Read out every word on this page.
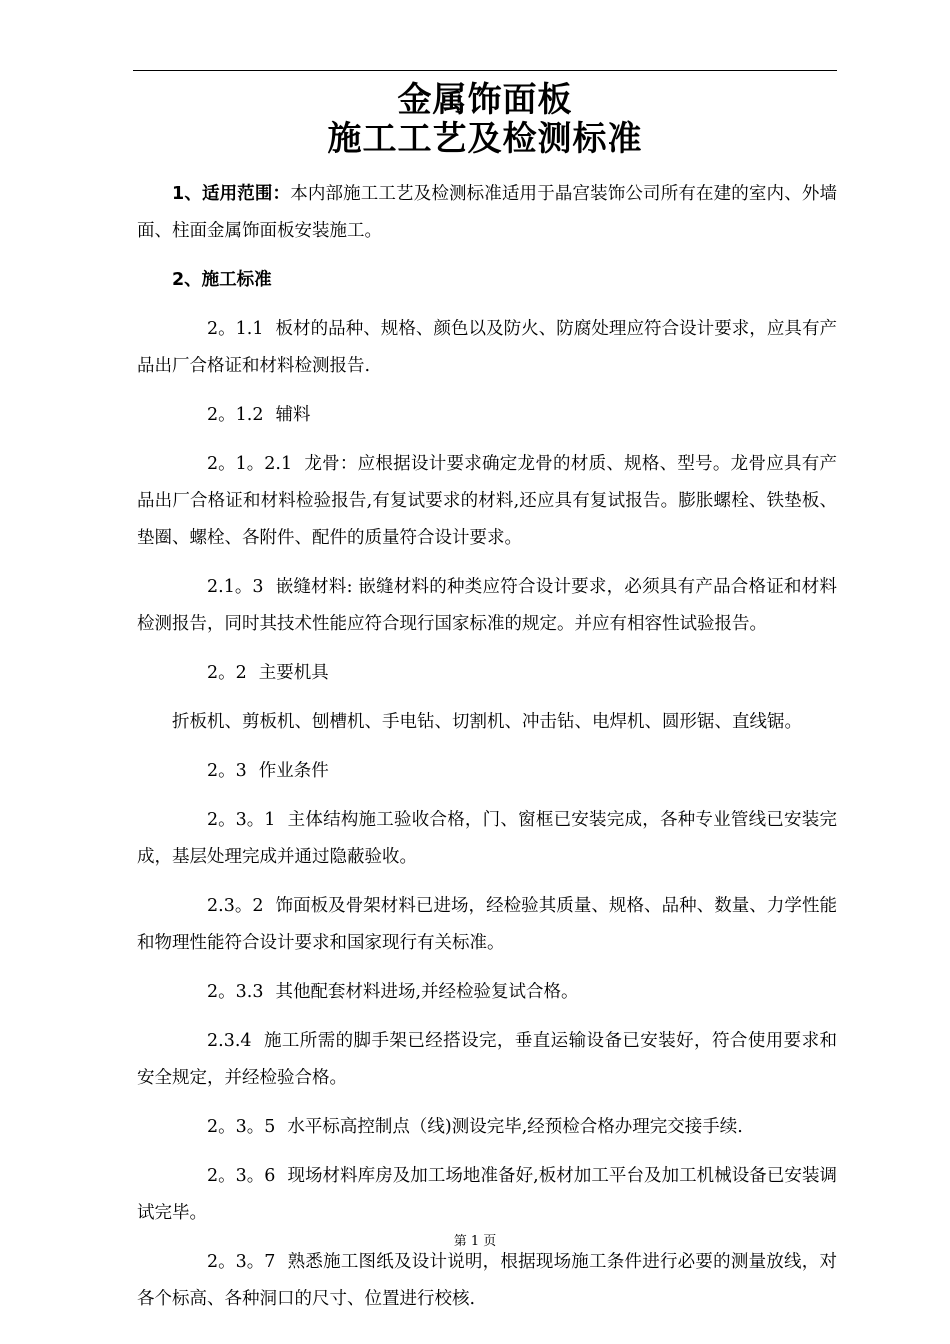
金属饰面板
施工工艺及检测标准

1、适用范围：本内部施工工艺及检测标准适用于晶宫装饰公司所有在建的室内、外墙面、柱面金属饰面板安装施工。

2、施工标准

2。1.1 板材的品种、规格、颜色以及防火、防腐处理应符合设计要求，应具有产品出厂合格证和材料检测报告.

2。1.2 辅料

2。1。2.1 龙骨：应根据设计要求确定龙骨的材质、规格、型号。龙骨应具有产品出厂合格证和材料检验报告,有复试要求的材料,还应具有复试报告。膨胀螺栓、铁垫板、垫圈、螺栓、各附件、配件的质量符合设计要求。

2.1。3 嵌缝材料: 嵌缝材料的种类应符合设计要求，必须具有产品合格证和材料检测报告，同时其技术性能应符合现行国家标准的规定。并应有相容性试验报告。

2。2 主要机具

折板机、剪板机、刨槽机、手电钻、切割机、冲击钻、电焊机、圆形锯、直线锯。

2。3 作业条件

2。3。1 主体结构施工验收合格，门、窗框已安装完成，各种专业管线已安装完成，基层处理完成并通过隐蔽验收。

2.3。2 饰面板及骨架材料已进场，经检验其质量、规格、品种、数量、力学性能和物理性能符合设计要求和国家现行有关标准。

2。3.3 其他配套材料进场,并经检验复试合格。

2.3.4 施工所需的脚手架已经搭设完，垂直运输设备已安装好，符合使用要求和安全规定，并经检验合格。

2。3。5 水平标高控制点（线)测设完毕,经预检合格办理完交接手续.

2。3。6 现场材料库房及加工场地准备好,板材加工平台及加工机械设备已安装调试完毕。

2。3。7 熟悉施工图纸及设计说明，根据现场施工条件进行必要的测量放线，对各个标高、各种洞口的尺寸、位置进行校核.

第 1 页
